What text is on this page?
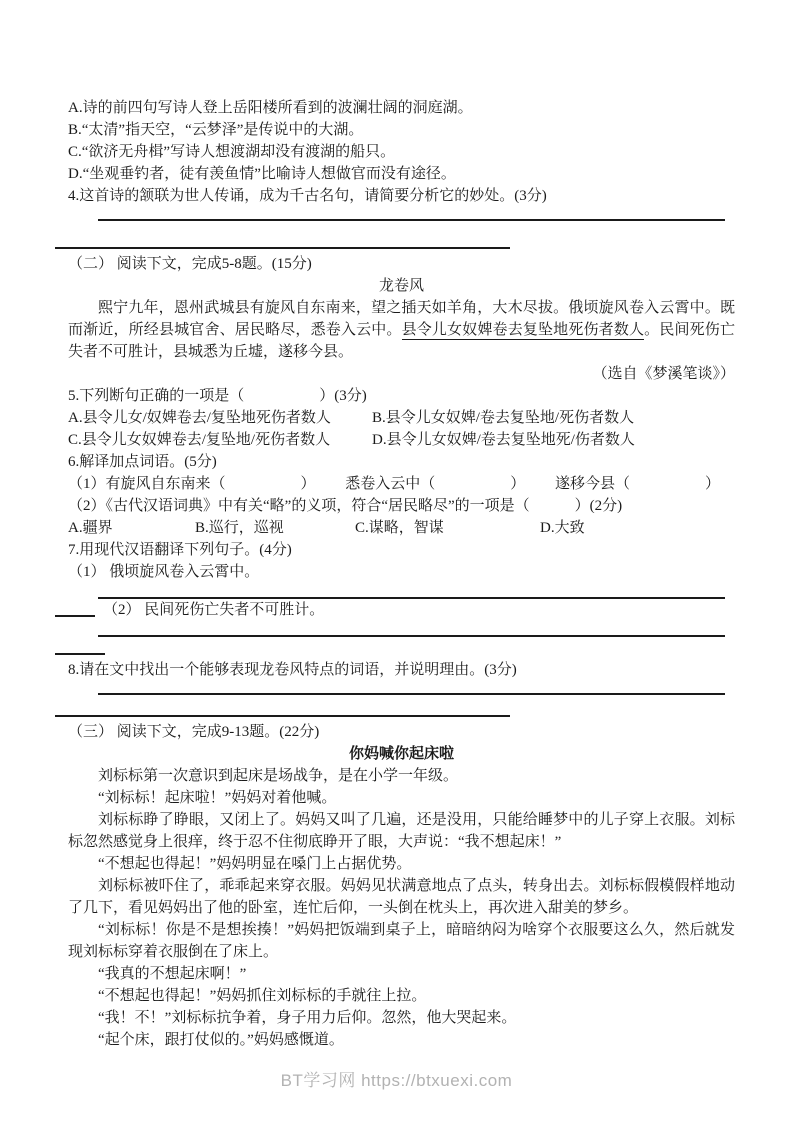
A.诗的前四句写诗人登上岳阳楼所看到的波澜壮阔的洞庭湖。
B.“太清”指天空，“云梦泽”是传说中的大湖。
C.“欲济无舟楫”写诗人想渡湖却没有渡湖的船只。
D.“坐观垂钓者，徒有羡鱼情”比喻诗人想做官而没有途径。
4.这首诗的颔联为世人传诵，成为千古名句，请简要分析它的妙处。(3分)
（二） 阅读下文，完成5-8题。(15分)
龙卷风

熙宁九年，恩州武城县有旋风自东南来，望之插天如羊角，大木尽拔。俄顷旋风卷入云霄中。既而渐近，所经县城官舍、居民略尽，悉卷入云中。县令儿女奴婢卷去复坠地死伤者数人。民间死伤亡失者不可胜计，县城悉为丘墟，遂移今县。

（选自《梦溪笔谈》）
5.下列断句正确的一项是（　　　　　）(3分)
A.县令儿女/奴婢卷去/复坠地死伤者数人	B.县令儿女奴婢/卷去复坠地/死伤者数人
C.县令儿女奴婢卷去/复坠地/死伤者数人	D.县令儿女奴婢/卷去复坠地死/伤者数人
6.解译加点词语。(5分)
（1）有旋风自东南来（　　　　　） 悉卷入云中（　　　　　） 遂移今县（　　　　　）
（2）《古代汉语词典》中有关“略”的义项，符合“居民略尽”的一项是（　　　）(2分)
A.疆界	B.巡行，巡视	C.谋略，智谋	D.大致
7.用现代汉语翻译下列句子。(4分)
（1） 俄顷旋风卷入云霄中。
（2） 民间死伤亡失者不可胜计。
8.请在文中找出一个能够表现龙卷风特点的词语，并说明理由。(3分)
（三） 阅读下文，完成9-13题。(22分)
你妈喊你起床啦

刘标标第一次意识到起床是场战争，是在小学一年级。

“刘标标！起床啦！”妈妈对着他喊。

刘标标睁了睁眼，又闭上了。妈妈又叫了几遍，还是没用，只能给睡梦中的儿子穿上衣服。刘标标忽然感觉身上很痒，终于忍不住彻底睁开了眼，大声说：“我不想起床！”

“不想起也得起！”妈妈明显在嗓门上占据优势。

刘标标被吓住了，乖乖起来穿衣服。妈妈见状满意地点了点头，转身出去。刘标标假模假样地动了几下，看见妈妈出了他的卧室，连忙后仰，一头倒在枕头上，再次进入甜美的梦乡。

“刘标标！你是不是想挨揍！”妈妈把饭端到桌子上，暗暗纳闷为啥穿个衣服要这么久，然后就发现刘标标穿着衣服倒在了床上。

“我真的不想起床啊！”

“不想起也得起！”妈妈抓住刘标标的手就往上拉。

“我！不！”刘标标抗争着，身子用力后仰。忽然，他大哭起来。

“起个床，跟打仗似的。”妈妈感慨道。

BT学习网 https://btxuexi.com
